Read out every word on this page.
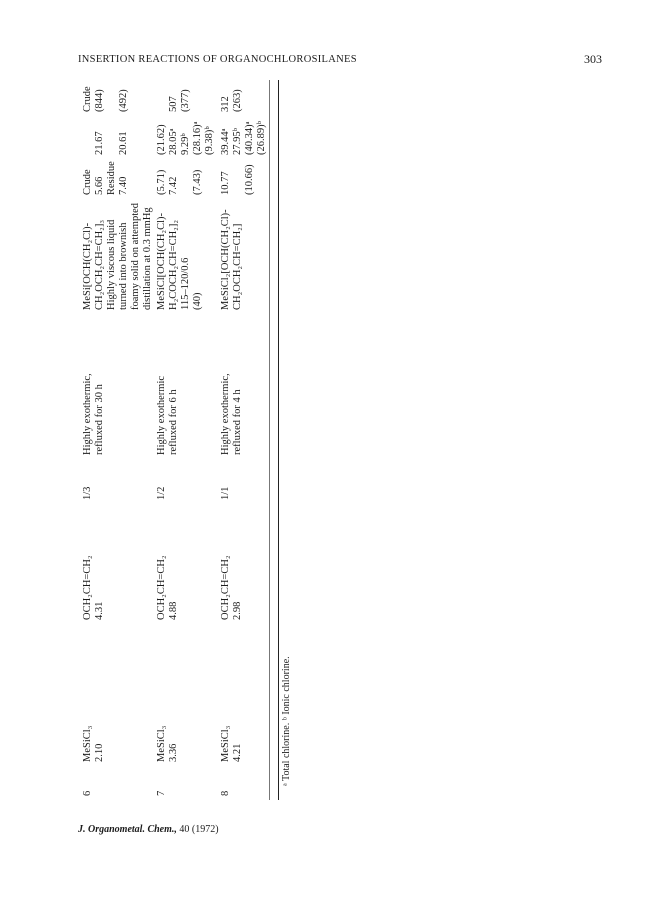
INSERTION REACTIONS OF ORGANOCHLOROSILANES	303
6
MeSiCl₃ 2.10
OCH₂CH=CH₂ 4.31
1/3
Highly exothermic, refluxed for 30 h
MeSi[OCH(CH₂Cl)- CH₂OCH₂CH=CH₂]₃ Highly viscous liquid turned into brownish foamy solid on attempted distillation at 0.3 mmHg
Crude 5.66 Residue 7.40

21.67
20.61
Crude (844)
(492)
7
MeSiCl₃ 3.36
OCH₂CH=CH₂ 4.88
1/2
Highly exothermic refluxed for 6 h
MeSiCl[OCH(CH₂Cl)- H₂COCH₂CH=CH₂]₂ 115–120/0.6 (40)
(5.71) 7.42
(7.43)
(21.62) 28.05ᵃ 9.29ᵇ (28.16)ᵃ (9.38)ᵇ

507 (377)
8
MeSiCl₃ 4.21
OCH₂CH=CH₂ 2.98
1/1
Highly exothermic, refluxed for 4 h
MeSiCl₂[OCH(CH₂Cl)- CH₂OCH₂CH=CH₂]
10.77
(10.66)
39.44ᵃ 27.95ᵇ (40.34)ᵃ (26.89)ᵇ
312 (263)
ᵃ Total chlorine. ᵇ Ionic chlorine.
J. Organometal. Chem., 40 (1972)
